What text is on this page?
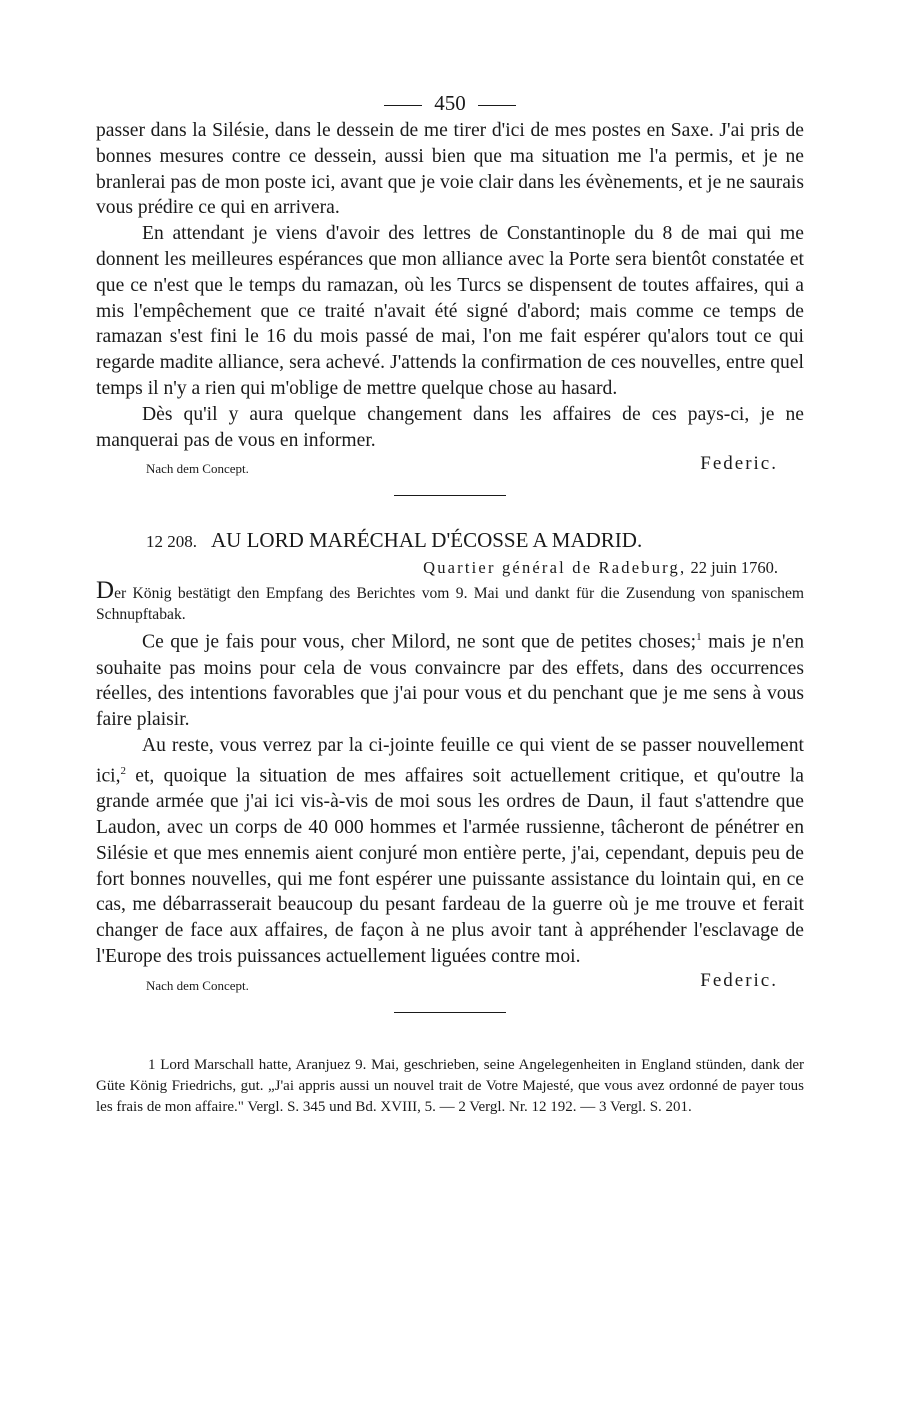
450

passer dans la Silésie, dans le dessein de me tirer d'ici de mes postes en Saxe. J'ai pris de bonnes mesures contre ce dessein, aussi bien que ma situation me l'a permis, et je ne branlerai pas de mon poste ici, avant que je voie clair dans les évènements, et je ne saurais vous prédire ce qui en arrivera.

En attendant je viens d'avoir des lettres de Constantinople du 8 de mai qui me donnent les meilleures espérances que mon alliance avec la Porte sera bientôt constatée et que ce n'est que le temps du ramazan, où les Turcs se dispensent de toutes affaires, qui a mis l'empêchement que ce traité n'avait été signé d'abord; mais comme ce temps de ramazan s'est fini le 16 du mois passé de mai, l'on me fait espérer qu'alors tout ce qui regarde madite alliance, sera achevé. J'attends la confirmation de ces nouvelles, entre quel temps il n'y a rien qui m'oblige de mettre quelque chose au hasard.

Dès qu'il y aura quelque changement dans les affaires de ces pays-ci, je ne manquerai pas de vous en informer.

Nach dem Concept.	Federic.
12 208. AU LORD MARÉCHAL D'ÉCOSSE A MADRID.
Quartier général de Radeburg, 22 juin 1760.
Der König bestätigt den Empfang des Berichtes vom 9. Mai und dankt für die Zusendung von spanischem Schnupftabak.

Ce que je fais pour vous, cher Milord, ne sont que de petites choses;$^1$ mais je n'en souhaite pas moins pour cela de vous convaincre par des effets, dans des occurrences réelles, des intentions favorables que j'ai pour vous et du penchant que je me sens à vous faire plaisir.

Au reste, vous verrez par la ci-jointe feuille ce qui vient de se passer nouvellement ici,$^2$ et, quoique la situation de mes affaires soit actuellement critique, et qu'outre la grande armée que j'ai ici vis-à-vis de moi sous les ordres de Daun, il faut s'attendre que Laudon, avec un corps de 40 000 hommes et l'armée russienne, tâcheront de pénétrer en Silésie et que mes ennemis aient conjuré mon entière perte, j'ai, cependant, depuis peu de fort bonnes nouvelles, qui me font espérer une puissante assistance du lointain qui, en ce cas, me débarrasserait beaucoup du pesant fardeau de la guerre où je me trouve et ferait changer de face aux affaires, de façon à ne plus avoir tant à appréhender l'esclavage de l'Europe des trois puissances actuellement liguées contre moi.

Nach dem Concept.	Federic.
1 Lord Marschall hatte, Aranjuez 9. Mai, geschrieben, seine Angelegenheiten in England stünden, dank der Güte König Friedrichs, gut. „J'ai appris aussi un nouvel trait de Votre Majesté, que vous avez ordonné de payer tous les frais de mon affaire." Vergl. S. 345 und Bd. XVIII, 5. — 2 Vergl. Nr. 12 192. — 3 Vergl. S. 201.
